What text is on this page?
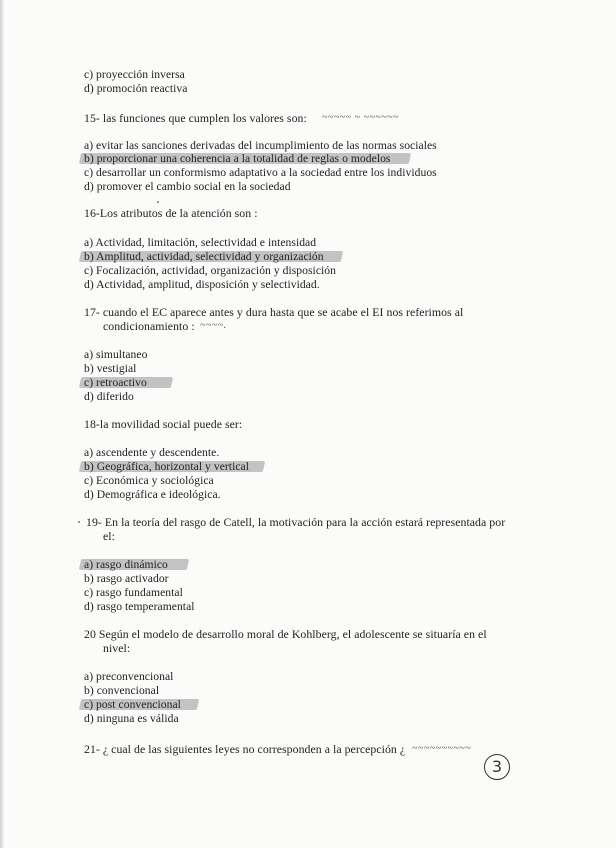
~~~~~ ~ ~~~~~~
~~~~.
~~~~~~~~~~
c) proyección inversa
d) promoción reactiva
15- las funciones que cumplen los valores son:
a) evitar las sanciones derivadas del incumplimiento de las normas sociales
b) proporcionar una coherencia a la totalidad de reglas o modelos
c) desarrollar un conformismo adaptativo a la sociedad entre los individuos
d) promover el cambio social en la sociedad
16-Los atributos de la atención son :
a) Actividad, limitación, selectividad e intensidad
b) Amplitud, actividad, selectividad y organización
c) Focalización, actividad, organización y disposición
d) Actividad, amplitud, disposición y selectividad.
17- cuando el EC aparece antes y dura hasta que se acabe el EI nos referimos al
condicionamiento :
a) simultaneo
b) vestigial
c) retroactivo
d) diferido
18-la movilidad social puede ser:
a) ascendente y descendente.
b) Geográfica, horizontal y vertical
c) Económica y sociológica
d) Demográfica e ideológica.
19- En la teoría del rasgo de Catell, la motivación para la acción estará representada por
el:
a) rasgo dinámico
b) rasgo activador
c) rasgo fundamental
d) rasgo temperamental
20 Según el modelo de desarrollo moral de Kohlberg, el adolescente se situaría en el
nivel:
a) preconvencional
b) convencional
c) post convencional
d) ninguna es válida
21- ¿ cual de las siguientes leyes no corresponden a la percepción ¿
3
